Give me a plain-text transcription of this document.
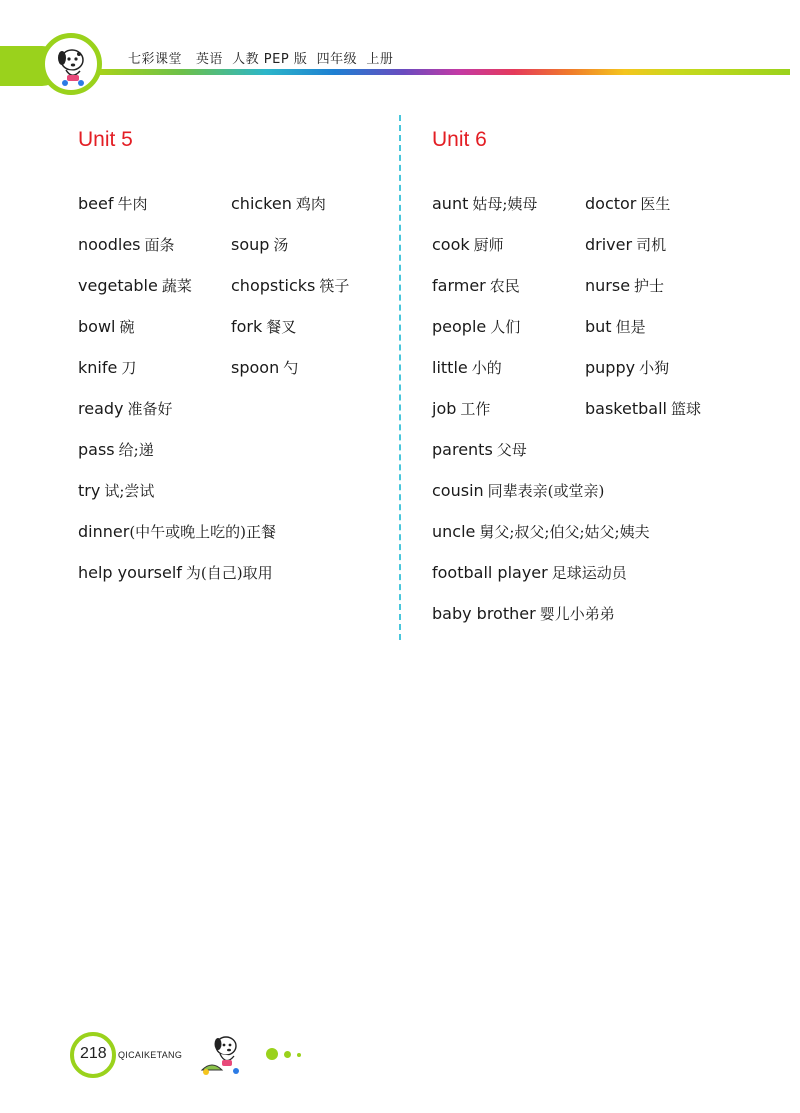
七彩课堂   英语  人教 PEP 版  四年级  上册
Unit 5
beef 牛肉
noodles 面条
vegetable 蔬菜
bowl 碗
knife 刀
ready 准备好
pass 给;递
try 试;尝试
dinner(中午或晚上吃的)正餐
help yourself 为(自己)取用
chicken 鸡肉
soup 汤
chopsticks 筷子
fork 餐叉
spoon 勺
Unit 6
aunt 姑母;姨母
cook 厨师
farmer 农民
people 人们
little 小的
job 工作
parents 父母
cousin 同辈表亲(或堂亲)
uncle 舅父;叔父;伯父;姑父;姨夫
football player 足球运动员
baby brother 婴儿小弟弟
doctor 医生
driver 司机
nurse 护士
but 但是
puppy 小狗
basketball 篮球
218 QICAIKETANG
